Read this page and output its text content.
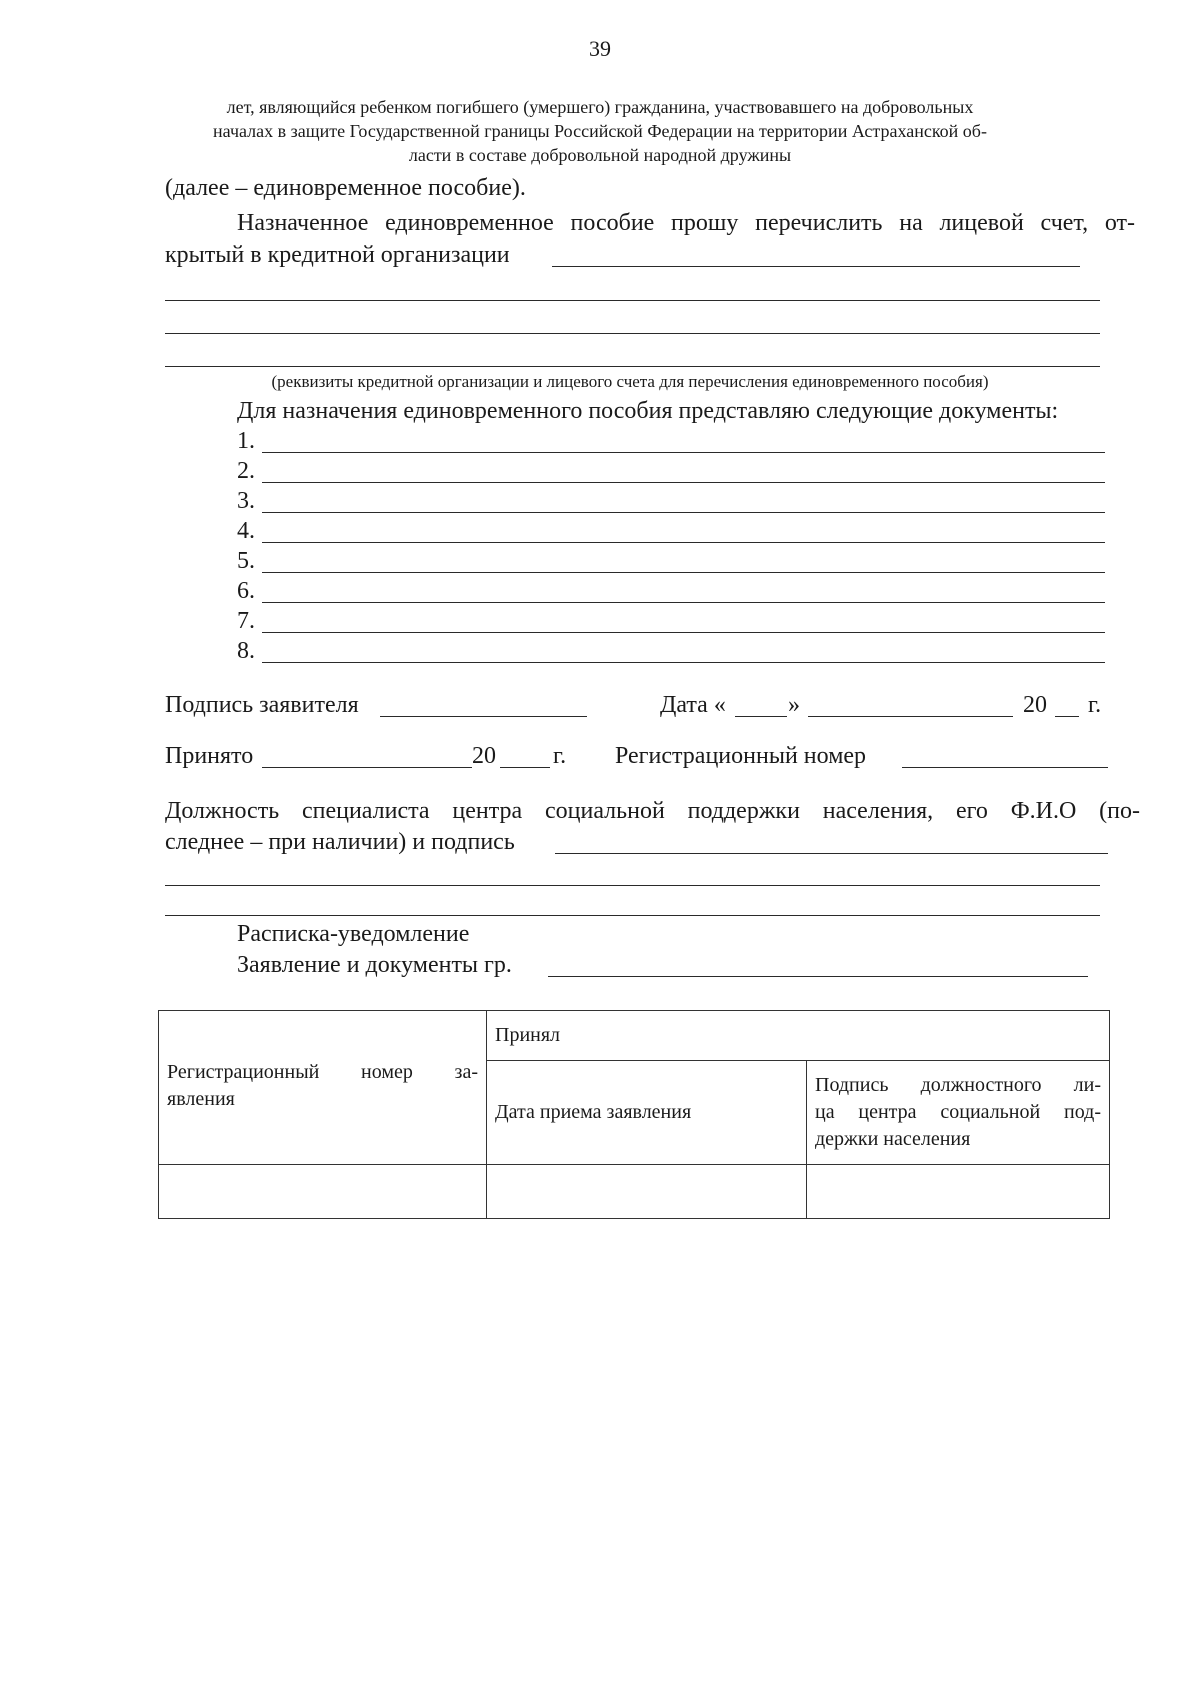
39
лет, являющийся ребенком погибшего (умершего) гражданина, участвовавшего на добровольных
началах в защите Государственной границы Российской Федерации на территории Астраханской об-
ласти в составе добровольной народной дружины
(далее – единовременное пособие).
Назначенное единовременное пособие прошу перечислить на лицевой счет, от-
крытый в кредитной организации
(реквизиты кредитной организации и лицевого счета для перечисления единовременного пособия)
Для назначения единовременного пособия представляю следующие документы:
1.
2.
3.
4.
5.
6.
7.
8.
Подпись заявителя	Дата «	»	20 г.
Принято	20 г. Регистрационный номер
Должность специалиста центра социальной поддержки населения, его Ф.И.О (по-
следнее – при наличии) и подпись
Расписка-уведомление
Заявление и документы гр.
Регистрационный номер за-
явления	Принял	
	Дата приема заявления	Подпись должностного ли-
ца центра социальной под-
держки населения
